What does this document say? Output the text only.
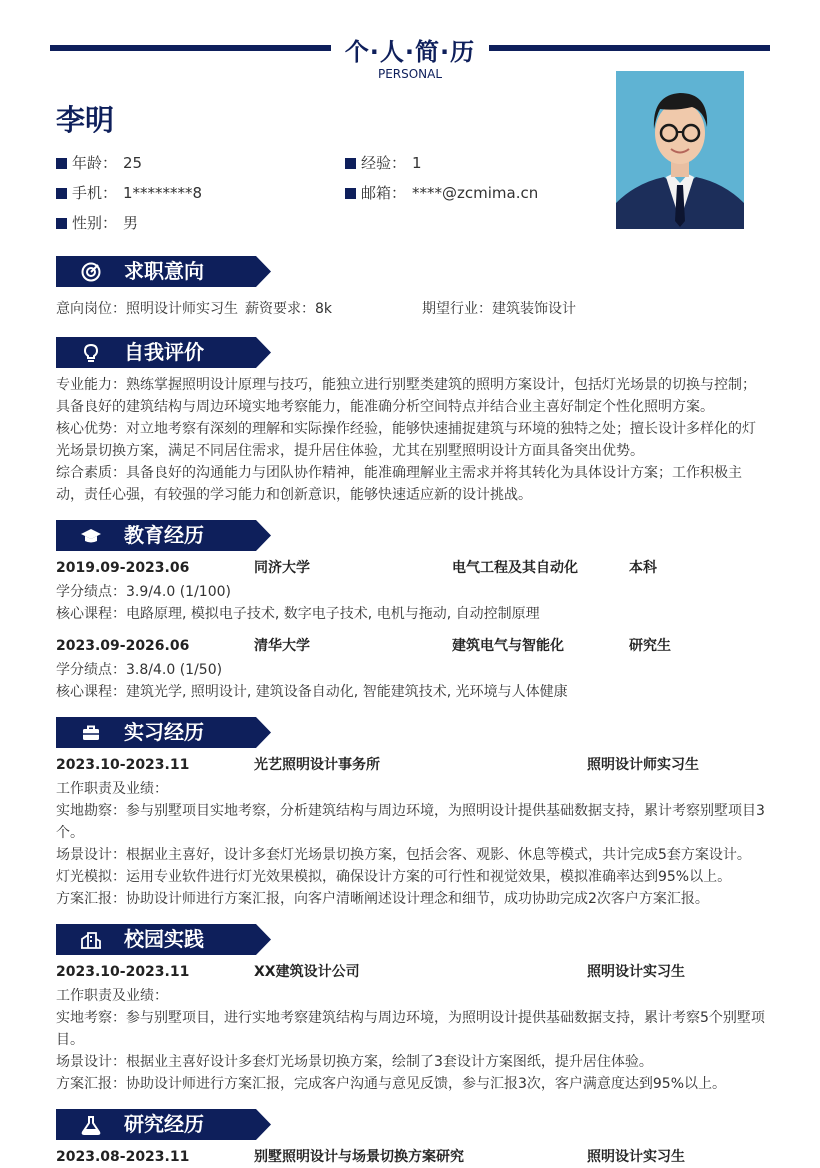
个·人·简·历
PERSONAL
李明
年龄： 25	经验： 1
手机： 1********8	邮箱： ****@zcmima.cn
性别： 男
求职意向
意向岗位：照明设计师实习生 薪资要求：8k	期望行业：建筑装饰设计
自我评价
专业能力：熟练掌握照明设计原理与技巧，能独立进行别墅类建筑的照明方案设计，包括灯光场景的切换与控制；具备良好的建筑结构与周边环境实地考察能力，能准确分析空间特点并结合业主喜好制定个性化照明方案。
核心优势：对立地考察有深刻的理解和实际操作经验，能够快速捕捉建筑与环境的独特之处；擅长设计多样化的灯光场景切换方案，满足不同居住需求，提升居住体验，尤其在别墅照明设计方面具备突出优势。
综合素质：具备良好的沟通能力与团队协作精神，能准确理解业主需求并将其转化为具体设计方案；工作积极主动，责任心强，有较强的学习能力和创新意识，能够快速适应新的设计挑战。
教育经历
2019.09-2023.06	同济大学	电气工程及其自动化	本科
学分绩点：3.9/4.0 (1/100)
核心课程：电路原理, 模拟电子技术, 数字电子技术, 电机与拖动, 自动控制原理
2023.09-2026.06	清华大学	建筑电气与智能化	研究生
学分绩点：3.8/4.0 (1/50)
核心课程：建筑光学, 照明设计, 建筑设备自动化, 智能建筑技术, 光环境与人体健康
实习经历
2023.10-2023.11	光艺照明设计事务所	照明设计师实习生
工作职责及业绩：
实地勘察：参与别墅项目实地考察，分析建筑结构与周边环境，为照明设计提供基础数据支持，累计考察别墅项目3个。
场景设计：根据业主喜好，设计多套灯光场景切换方案，包括会客、观影、休息等模式，共计完成5套方案设计。
灯光模拟：运用专业软件进行灯光效果模拟，确保设计方案的可行性和视觉效果，模拟准确率达到95%以上。
方案汇报：协助设计师进行方案汇报，向客户清晰阐述设计理念和细节，成功协助完成2次客户方案汇报。
校园实践
2023.10-2023.11	XX建筑设计公司	照明设计实习生
工作职责及业绩：
实地考察：参与别墅项目，进行实地考察建筑结构与周边环境，为照明设计提供基础数据支持，累计考察5个别墅项目。
场景设计：根据业主喜好设计多套灯光场景切换方案，绘制了3套设计方案图纸，提升居住体验。
方案汇报：协助设计师进行方案汇报，完成客户沟通与意见反馈，参与汇报3次，客户满意度达到95%以上。
研究经历
2023.08-2023.11	别墅照明设计与场景切换方案研究	照明设计实习生
